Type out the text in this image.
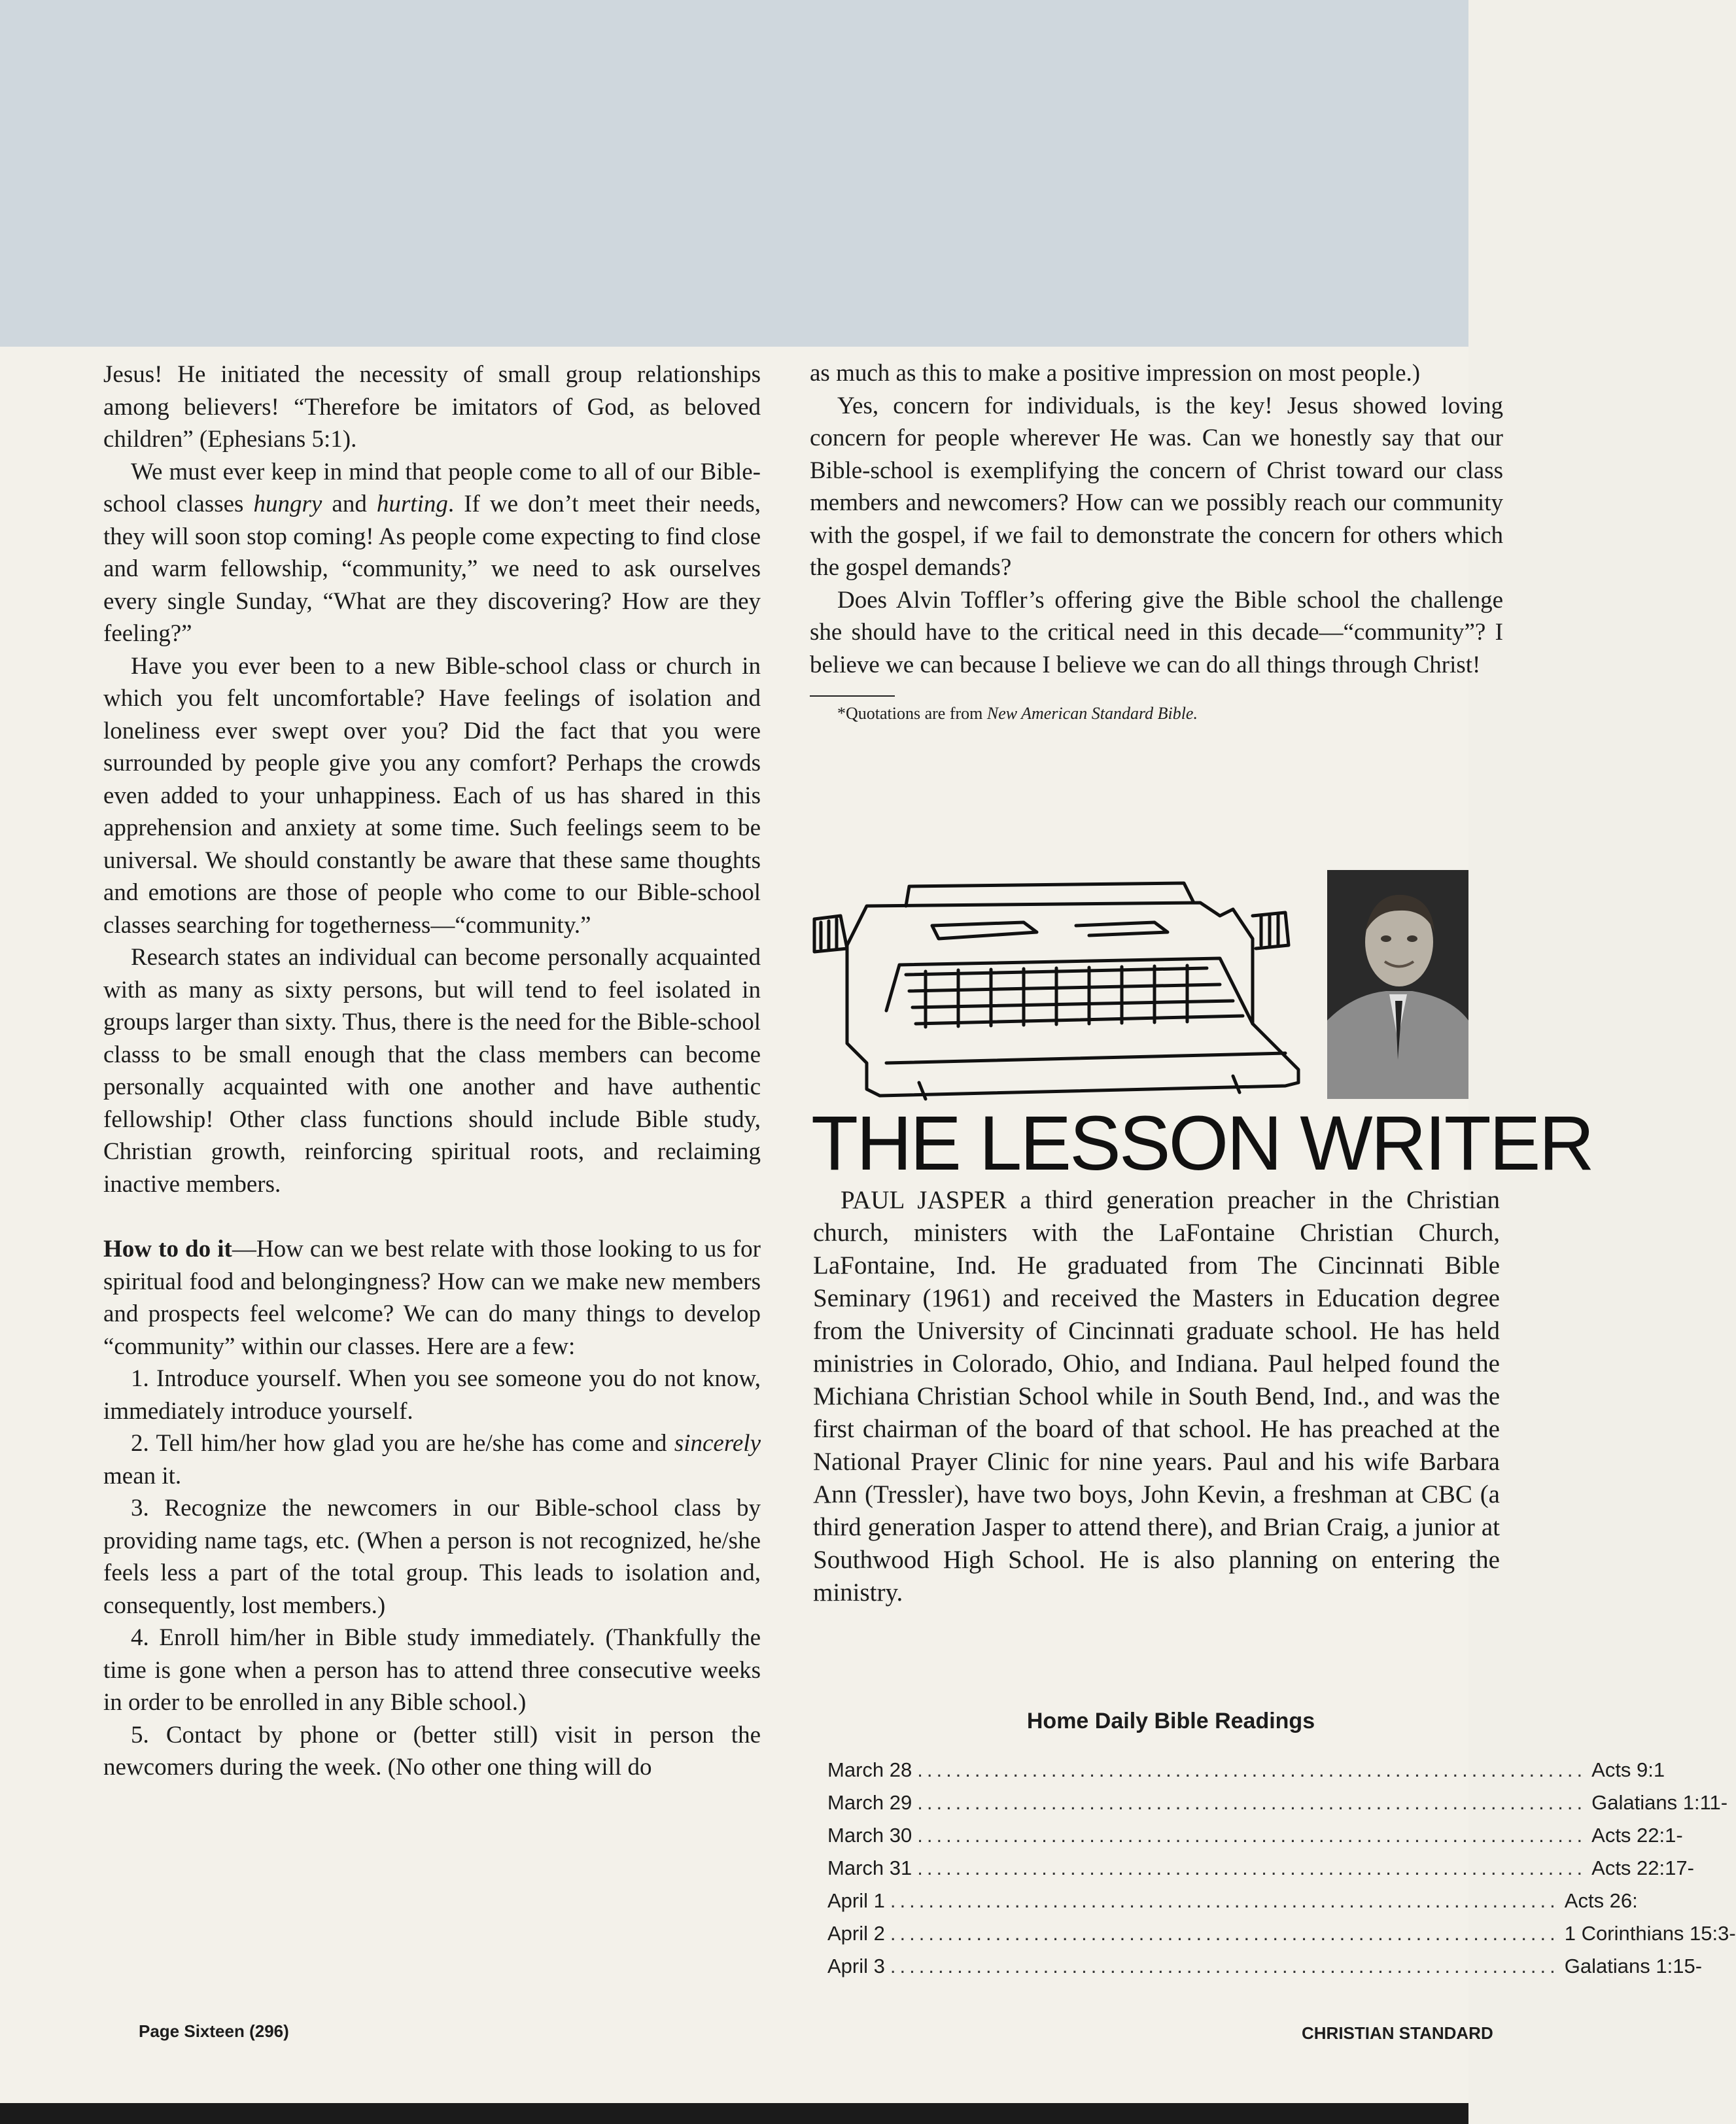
Jesus! He initiated the necessity of small group relationships among believers! “Therefore be imitators of God, as beloved children” (Ephesians 5:1).

We must ever keep in mind that people come to all of our Bible-school classes hungry and hurting. If we don’t meet their needs, they will soon stop coming! As people come expecting to find close and warm fellowship, “community,” we need to ask ourselves every single Sunday, “What are they discovering? How are they feeling?”

Have you ever been to a new Bible-school class or church in which you felt uncomfortable? Have feelings of isolation and loneliness ever swept over you? Did the fact that you were surrounded by people give you any comfort? Perhaps the crowds even added to your unhappiness. Each of us has shared in this apprehension and anxiety at some time. Such feelings seem to be universal. We should constantly be aware that these same thoughts and emotions are those of people who come to our Bible-school classes searching for togetherness—“community.”

Research states an individual can become personally acquainted with as many as sixty persons, but will tend to feel isolated in groups larger than sixty. Thus, there is the need for the Bible-school classs to be small enough that the class members can become personally acquainted with one another and have authentic fellowship! Other class functions should include Bible study, Christian growth, reinforcing spiritual roots, and reclaiming inactive members.

How to do it—How can we best relate with those looking to us for spiritual food and belongingness? How can we make new members and prospects feel welcome? We can do many things to develop “community” within our classes. Here are a few:

1. Introduce yourself. When you see someone you do not know, immediately introduce yourself.

2. Tell him/her how glad you are he/she has come and sincerely mean it.

3. Recognize the newcomers in our Bible-school class by providing name tags, etc. (When a person is not recognized, he/she feels less a part of the total group. This leads to isolation and, consequently, lost members.)

4. Enroll him/her in Bible study immediately. (Thankfully the time is gone when a person has to attend three consecutive weeks in order to be enrolled in any Bible school.)

5. Contact by phone or (better still) visit in person the newcomers during the week. (No other one thing will do

as much as this to make a positive impression on most people.)

Yes, concern for individuals, is the key! Jesus showed loving concern for people wherever He was. Can we honestly say that our Bible-school is exemplifying the concern of Christ toward our class members and newcomers? How can we possibly reach our community with the gospel, if we fail to demonstrate the concern for others which the gospel demands?

Does Alvin Toffler’s offering give the Bible school the challenge she should have to the critical need in this decade—“community”? I believe we can because I believe we can do all things through Christ!

*Quotations are from New American Standard Bible.

THE LESSON WRITER

PAUL JASPER a third generation preacher in the Christian church, ministers with the LaFontaine Christian Church, LaFontaine, Ind. He graduated from The Cincinnati Bible Seminary (1961) and received the Masters in Education degree from the University of Cincinnati graduate school. He has held ministries in Colorado, Ohio, and Indiana. Paul helped found the Michiana Christian School while in South Bend, Ind., and was the first chairman of the board of that school. He has preached at the National Prayer Clinic for nine years. Paul and his wife Barbara Ann (Tressler), have two boys, John Kevin, a freshman at CBC (a third generation Jasper to attend there), and Brian Craig, a junior at Southwood High School. He is also planning on entering the ministry.

Home Daily Bible Readings
March 28 ...................................................................... Acts 9:1
March 29 ...................................................................... Galatians 1:11-
March 30 ...................................................................... Acts 22:1-
March 31 ...................................................................... Acts 22:17-
April 1 ...................................................................... Acts 26:
April 2 ...................................................................... 1 Corinthians 15:3-
April 3 ...................................................................... Galatians 1:15-
Page Sixteen (296)	CHRISTIAN STANDARD
